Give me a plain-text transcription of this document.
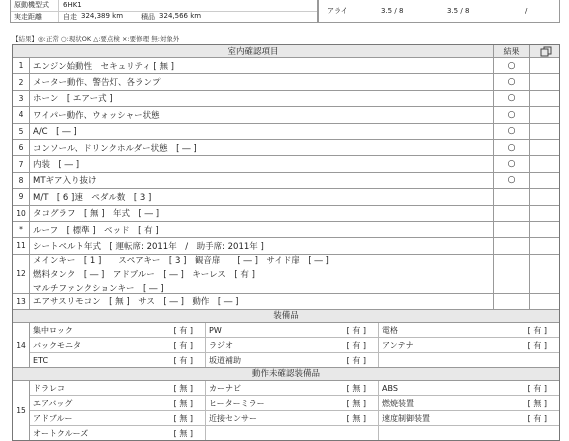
原動機型式	6HK1
実走距離	自走 324,389 km	積品 324,566 km
アライ	3.5 / 8	3.5 / 8	/
【結果】◎:正常 ○:現状OK △:要点検 ×:要修理 無:対象外
室内確認項目	結果
1	エンジン始動性　セキュリティ [ 無 ]	○
2	メーター動作、警告灯、各ランプ	○
3	ホーン　[ エアー式 ]	○
4	ワイパー動作、ウォッシャー状態	○
5	A/C　[ ― ]	○
6	コンソール、ドリンクホルダー状態　[ ― ]	○
7	内装　[ ― ]	○
8	MTギア入り抜け	○
9	M/T　[ 6 ]速　ペダル数　[ 3 ]
10 タコグラフ　[ 無 ]　年式　[ ― ]
*	ルーフ　[ 標準 ]　ベッド　[ 有 ]
11 シートベルト年式　[ 運転席: 2011年　/　助手席: 2011年 ]
12
メインキー　[ 1 ]　　スペアキー　[ 3 ]　観音扉　　[ ― ]　サイド扉　[ ― ]
燃料タンク　[ ― ]　アドブルー　[ ― ]　キーレス　[ 有 ]
マルチファンクションキー　[ ― ]
13 エアサスリモコン　[ 無 ]　サス　[ ― ]　動作　[ ― ]
装備品
14
集中ロック	[ 有 ] PW	[ 有 ] 電格	[ 有 ]
バックモニタ	[ 有 ] ラジオ	[ 有 ] アンテナ	[ 有 ]
ETC	[ 有 ] 坂道補助	[ 有 ]
動作未確認装備品
15
ドラレコ	[ 無 ] カーナビ	[ 無 ] ABS	[ 有 ]
エアバッグ	[ 無 ] ヒーターミラー	[ 無 ] 燃焼装置	[ 無 ]
アドブルー	[ 無 ] 近接センサー	[ 無 ] 速度制御装置	[ 有 ]
オートクルーズ	[ 無 ]
